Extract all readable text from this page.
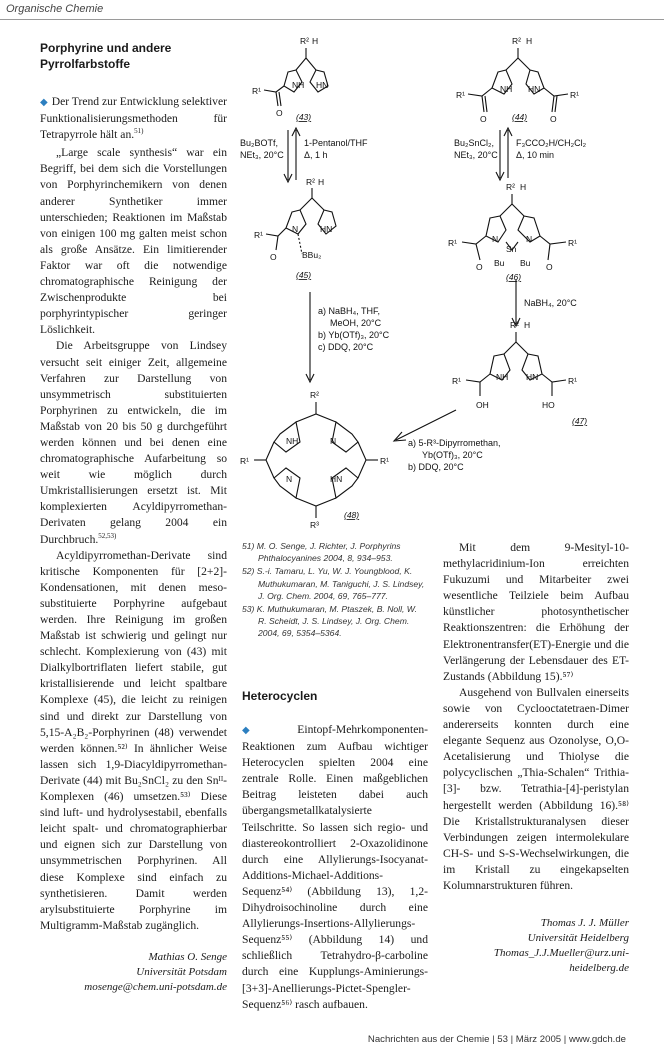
Organische Chemie
Porphyrine und andere
Pyrrolfarbstoffe

◆ Der Trend zur Entwicklung selektiver Funktionalisierungsmethoden für Tetrapyrrole hält an.$^{51)}$

„Large scale synthesis“ war ein Begriff, bei dem sich die Vorstellungen von Porphyrinchemikern von denen anderer Synthetiker immer unterschieden; Reaktionen im Maßstab von einigen 100 mg galten meist schon als große Ansätze. Ein limitierender Faktor war oft die notwendige chromatographische Reinigung der Zwischenprodukte bei porphyrintypischer geringer Löslichkeit.

Die Arbeitsgruppe von Lindsey versucht seit einiger Zeit, allgemeine Verfahren zur Darstellung von unsymmetrisch substituierten Porphyrinen zu entwickeln, die im Maßstab von 20 bis 50 g durchgeführt werden können und bei denen eine chromatographische Aufarbeitung so weit wie möglich durch Umkristallisierungen ersetzt ist. Mit komplexierten Acyldipyrromethan-Derivaten gelang 2004 ein Durchbruch.$^{52,53)}$

Acyldipyrromethan-Derivate sind kritische Komponenten für [2+2]-Kondensationen, mit denen meso-substituierte Porphyrine aufgebaut werden. Ihre Reinigung im großen Maßstab ist schwierig und gelingt nur schlecht. Komplexierung von (43) mit Dialkylbortriflaten liefert stabile, gut kristallisierende und leicht spaltbare Komplexe (45), die leicht zu reinigen sind und direkt zur Darstellung von 5,15-A₂B₂-Porphyrinen (48) verwendet werden können.⁵²⁾ In ähnlicher Weise lassen sich 1,9-Diacyldipyrromethan-Derivate (44) mit Bu₂SnCl₂ zu den Snᴵᴵ-Komplexen (46) umsetzen.⁵³⁾ Diese sind luft- und hydrolysestabil, ebenfalls leicht spalt- und chromatographierbar und eignen sich zur Darstellung von unsymmetrischen Porphyrinen. All diese Komplexe sind einfach zu synthetisieren. Damit werden arylsubstituierte Porphyrine im Multigramm-Maßstab zugänglich.

Mathias O. Senge
Universität Potsdam
mosenge@chem.uni-potsdam.de
R² H
NH HN
R¹
O (43)
R² H
NH HN
R¹	R¹
O	O
(44)
Bu₂BOTf,
NEt₃, 20°C
1-Pentanol/THF
Δ, 1 h
Bu₂SnCl₂,
NEt₃, 20°C
F₃CCO₂H/CH₂Cl₂
Δ, 10 min
R² H
N	HN
R¹
O	BBu₂
(45)
R² H
N	N
Sn
R¹	R¹
O	O
Bu Bu
(46)
a) NaBH₄, THF,
MeOH, 20°C
b) Yb(OTf)₃, 20°C
c) DDQ, 20°C
NaBH₄, 20°C
R² H
NH HN
R¹	R¹
OH	HO
(47)
a) 5-R³-Dipyrromethan,
Yb(OTf)₃, 20°C
b) DDQ, 20°C
R²
R¹	R¹
NH	N
N	HN
R³
(48)
51) M. O. Senge, J. Richter, J. Porphyrins Phthalocyanines 2004, 8, 934–953.
52) S.-i. Tamaru, L. Yu, W. J. Youngblood, K. Muthukumaran, M. Taniguchi, J. S. Lindsey, J. Org. Chem. 2004, 69, 765–777.
53) K. Muthukumaran, M. Ptaszek, B. Noll, W. R. Scheidt, J. S. Lindsey, J. Org. Chem. 2004, 69, 5354–5364.
Heterocyclen

◆ Eintopf-Mehrkomponenten-Reaktionen zum Aufbau wichtiger Heterocyclen spielten 2004 eine zentrale Rolle. Einen maßgeblichen Beitrag leisteten dabei auch übergangsmetallkatalysierte Teilschritte. So lassen sich regio- und diastereokontrolliert 2-Oxazolidinone durch eine Allylierungs-Isocyanat-Additions-Michael-Additions-Sequenz⁵⁴⁾ (Abbildung 13), 1,2-Dihydroisochinoline durch eine Allylierungs-Insertions-Allylierungs-Sequenz⁵⁵⁾ (Abbildung 14) und schließlich Tetrahydro-β-carboline durch eine Kupplungs-Aminierungs-[3+3]-Anellierungs-Pictet-Spengler-Sequenz⁵⁶⁾ rasch aufbauen.

Mit dem 9-Mesityl-10-methylacridinium-Ion erreichten Fukuzumi und Mitarbeiter zwei wesentliche Teilziele beim Aufbau künstlicher photosynthetischer Reaktionszentren: die Erhöhung der Elektronentransfer(ET)-Energie und die Verlängerung der Lebensdauer des ET-Zustands (Abbildung 15).⁵⁷⁾

Ausgehend von Bullvalen einerseits sowie von Cyclooctatetraen-Dimer andererseits konnten durch eine elegante Sequenz aus Ozonolyse, O,O-Acetalisierung und Thiolyse die polycyclischen „Thia-Schalen“ Trithia-[3]- bzw. Tetrathia-[4]-peristylan hergestellt werden (Abbildung 16).⁵⁸⁾ Die Kristallstrukturanalysen dieser Verbindungen zeigen intermolekulare CH-S- und S-S-Wechselwirkungen, die im Kristall zu eingekapselten Kolumnarstrukturen führen.

Thomas J. J. Müller
Universität Heidelberg
Thomas_J.J.Mueller@urz.uni-
heidelberg.de
Nachrichten aus der Chemie | 53 | März 2005 | www.gdch.de
